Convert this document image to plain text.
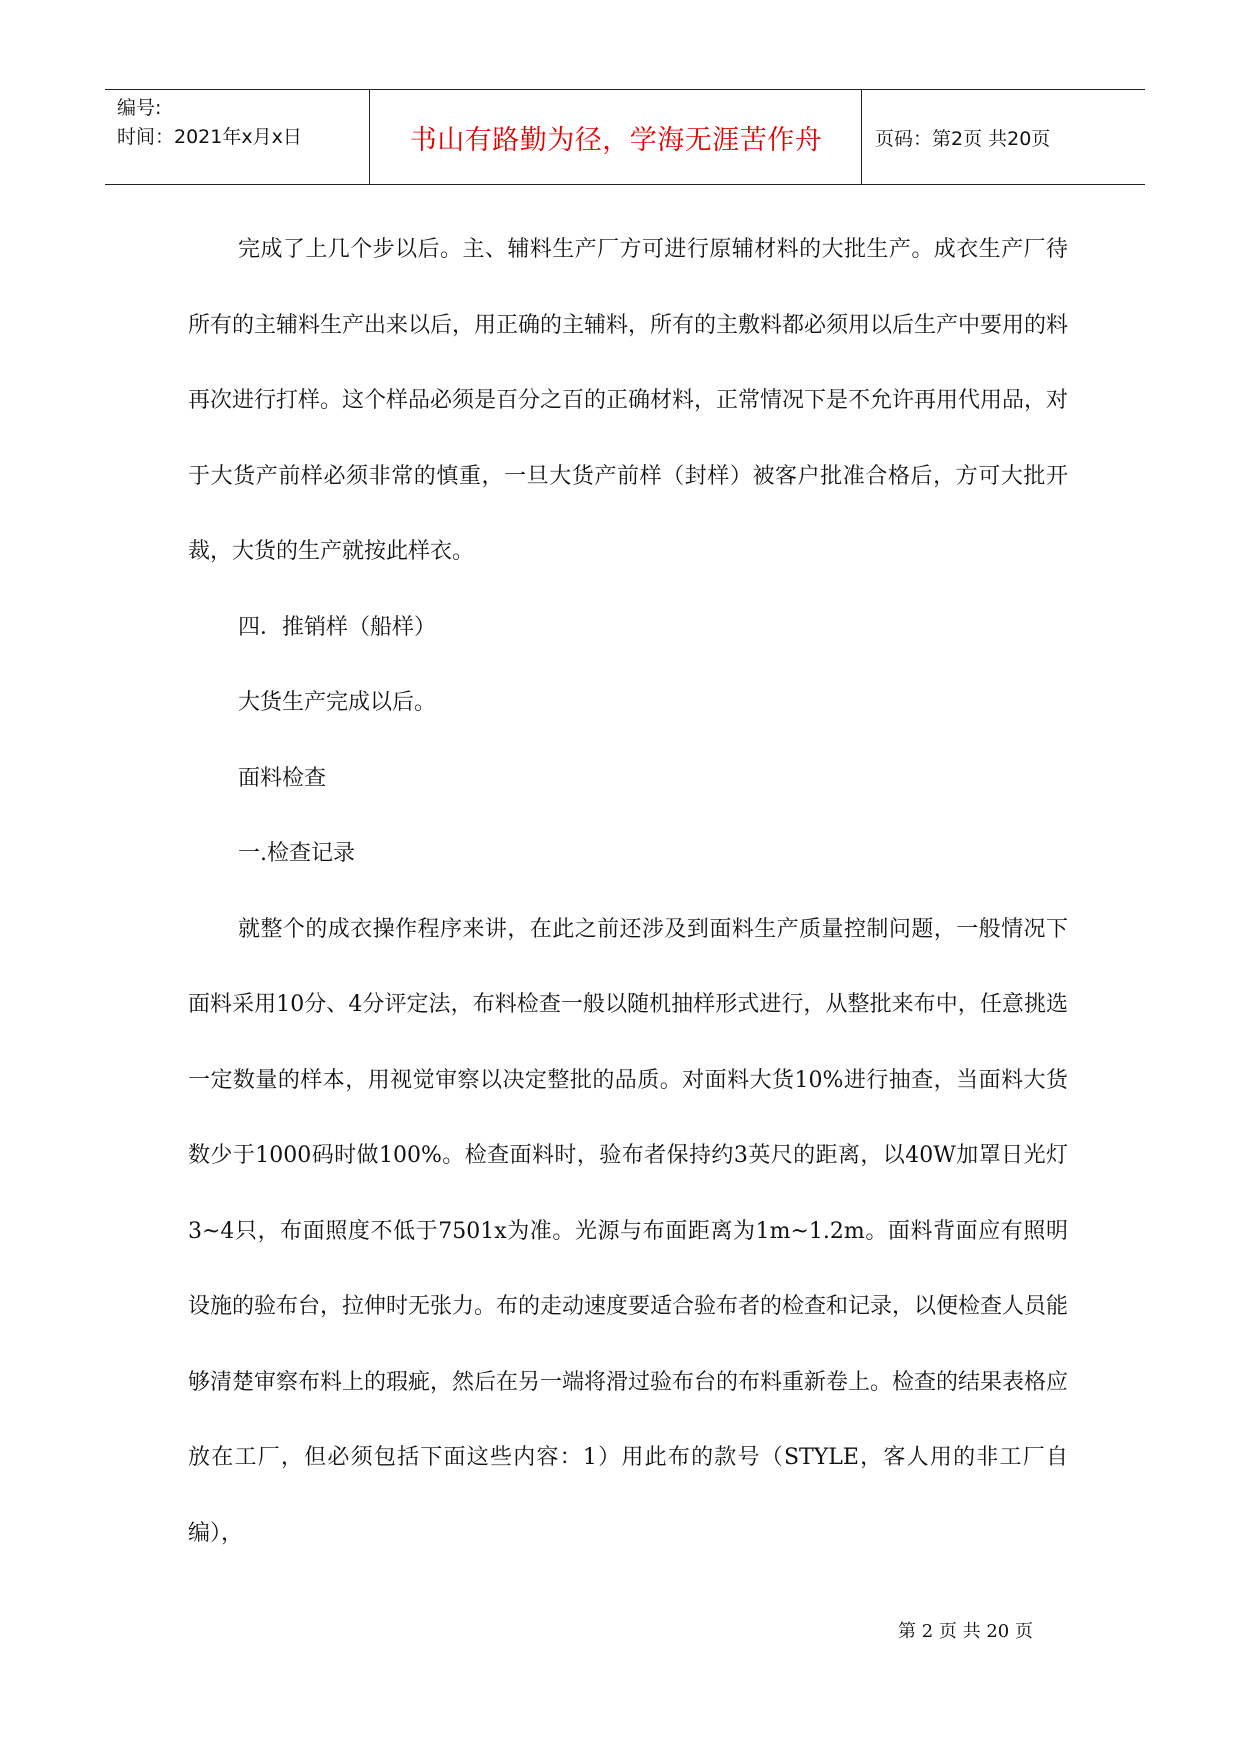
编号:
时间：2021年x月x日	书山有路勤为径，学海无涯苦作舟	页码：第2页 共20页

完成了上几个步以后。主、辅料生产厂方可进行原辅材料的大批生产。成衣生产厂待所有的主辅料生产出来以后，用正确的主辅料，所有的主敷料都必须用以后生产中要用的料再次进行打样。这个样品必须是百分之百的正确材料，正常情况下是不允许再用代用品，对于大货产前样必须非常的慎重，一旦大货产前样（封样）被客户批准合格后，方可大批开裁，大货的生产就按此样衣。

四．推销样（船样）

大货生产完成以后。

面料检查

一.检查记录

就整个的成衣操作程序来讲，在此之前还涉及到面料生产质量控制问题，一般情况下面料采用10分、4分评定法，布料检查一般以随机抽样形式进行，从整批来布中，任意挑选一定数量的样本，用视觉审察以决定整批的品质。对面料大货10%进行抽查，当面料大货数少于1000码时做100%。检查面料时，验布者保持约3英尺的距离，以40W加罩日光灯3~4只，布面照度不低于7501x为准。光源与布面距离为1m~1.2m。面料背面应有照明设施的验布台，拉伸时无张力。布的走动速度要适合验布者的检查和记录，以便检查人员能够清楚审察布料上的瑕疵，然后在另一端将滑过验布台的布料重新卷上。检查的结果表格应放在工厂，但必须包括下面这些内容：1）用此布的款号（STYLE，客人用的非工厂自编），

第 2 页 共 20 页
